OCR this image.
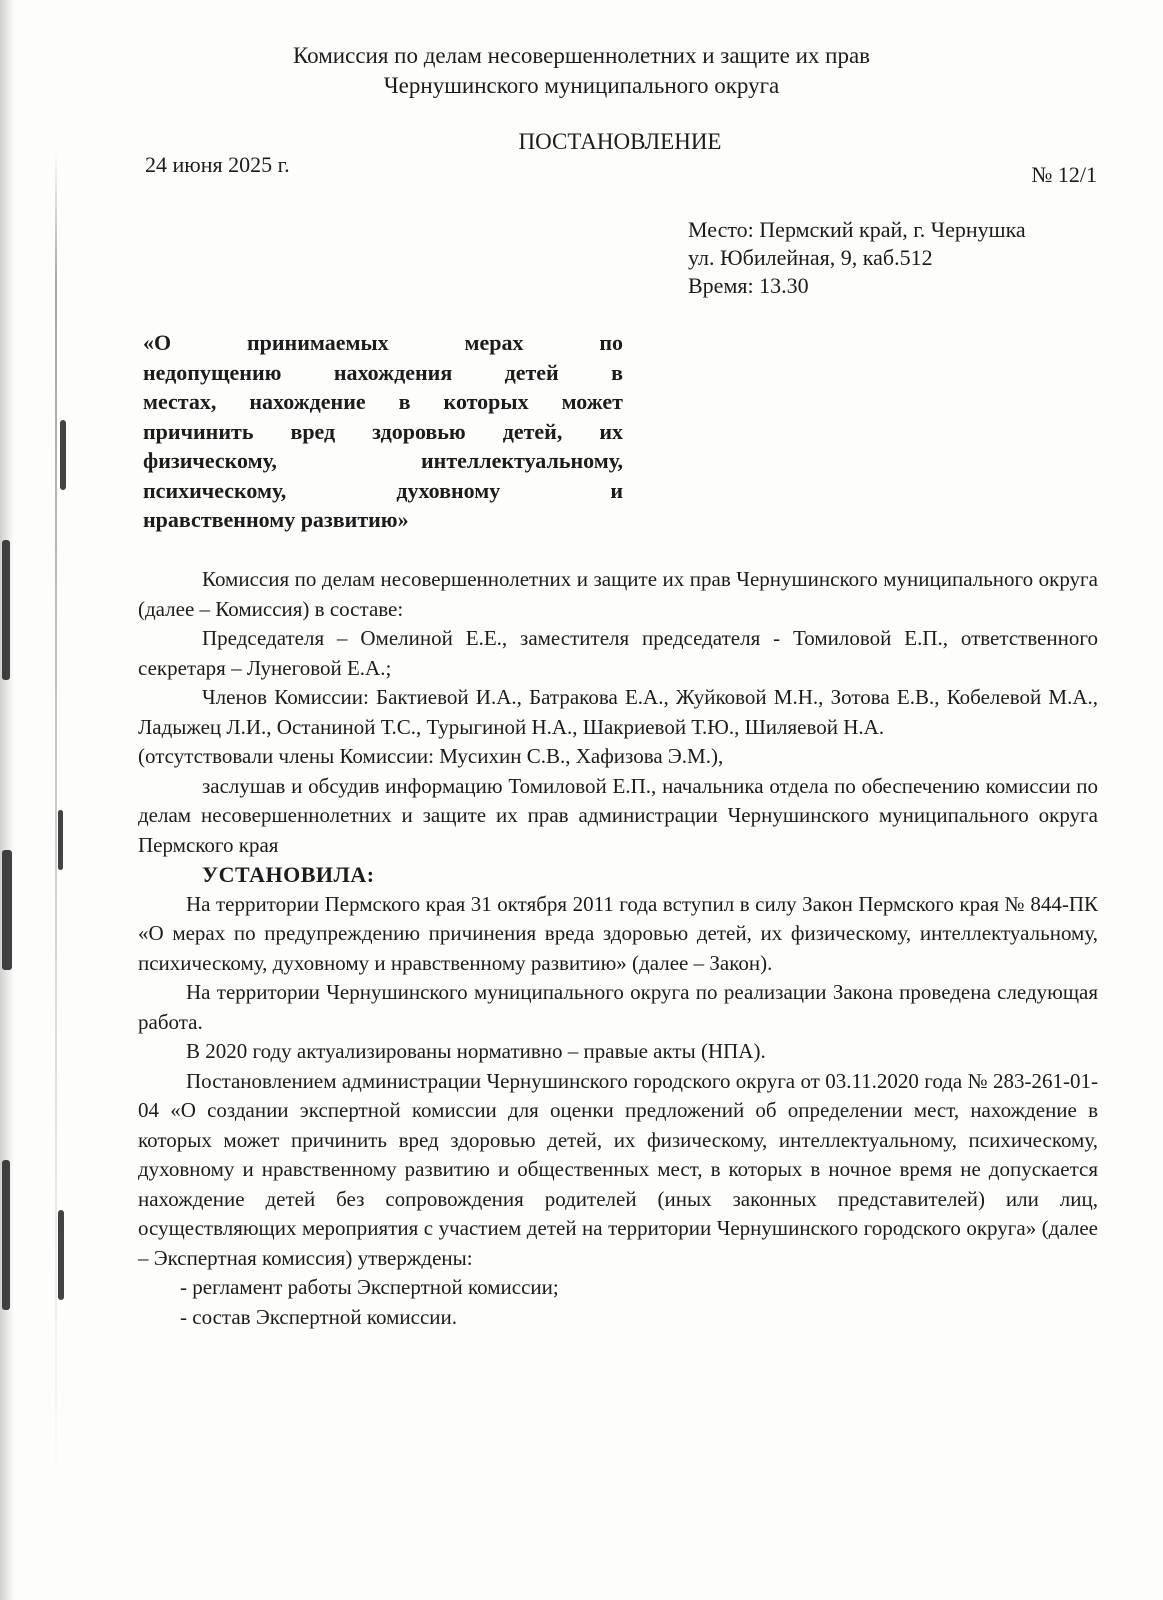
Комиссия по делам несовершеннолетних и защите их прав
Чернушинского муниципального округа
ПОСТАНОВЛЕНИЕ
24 июня 2025 г.	№ 12/1
Место: Пермский край, г. Чернушка
ул. Юбилейная, 9, каб.512
Время: 13.30
«О принимаемых мерах по
недопущению нахождения детей в
местах, нахождение в которых может
причинить вред здоровью детей, их
физическому, интеллектуальному,
психическому, духовному и
нравственному развитию»

Комиссия по делам несовершеннолетних и защите их прав Чернушинского муниципального округа (далее – Комиссия) в составе:

Председателя – Омелиной Е.Е., заместителя председателя - Томиловой Е.П., ответственного секретаря – Лунеговой Е.А.;

Членов Комиссии: Бактиевой И.А., Батракова Е.А., Жуйковой М.Н., Зотова Е.В., Кобелевой М.А., Ладыжец Л.И., Останиной Т.С., Турыгиной Н.А., Шакриевой Т.Ю., Шиляевой Н.А.

(отсутствовали члены Комиссии: Мусихин С.В., Хафизова Э.М.),

заслушав и обсудив информацию Томиловой Е.П., начальника отдела по обеспечению комиссии по делам несовершеннолетних и защите их прав администрации Чернушинского муниципального округа Пермского края

УСТАНОВИЛА:

На территории Пермского края 31 октября 2011 года вступил в силу Закон Пермского края № 844-ПК «О мерах по предупреждению причинения вреда здоровью детей, их физическому, интеллектуальному, психическому, духовному и нравственному развитию» (далее – Закон).

На территории Чернушинского муниципального округа по реализации Закона проведена следующая работа.

В 2020 году актуализированы нормативно – правые акты (НПА).

Постановлением администрации Чернушинского городского округа от 03.11.2020 года № 283-261-01-04 «О создании экспертной комиссии для оценки предложений об определении мест, нахождение в которых может причинить вред здоровью детей, их физическому, интеллектуальному, психическому, духовному и нравственному развитию и общественных мест, в которых в ночное время не допускается нахождение детей без сопровождения родителей (иных законных представителей) или лиц, осуществляющих мероприятия с участием детей на территории Чернушинского городского округа» (далее – Экспертная комиссия) утверждены:

- регламент работы Экспертной комиссии;

- состав Экспертной комиссии.
